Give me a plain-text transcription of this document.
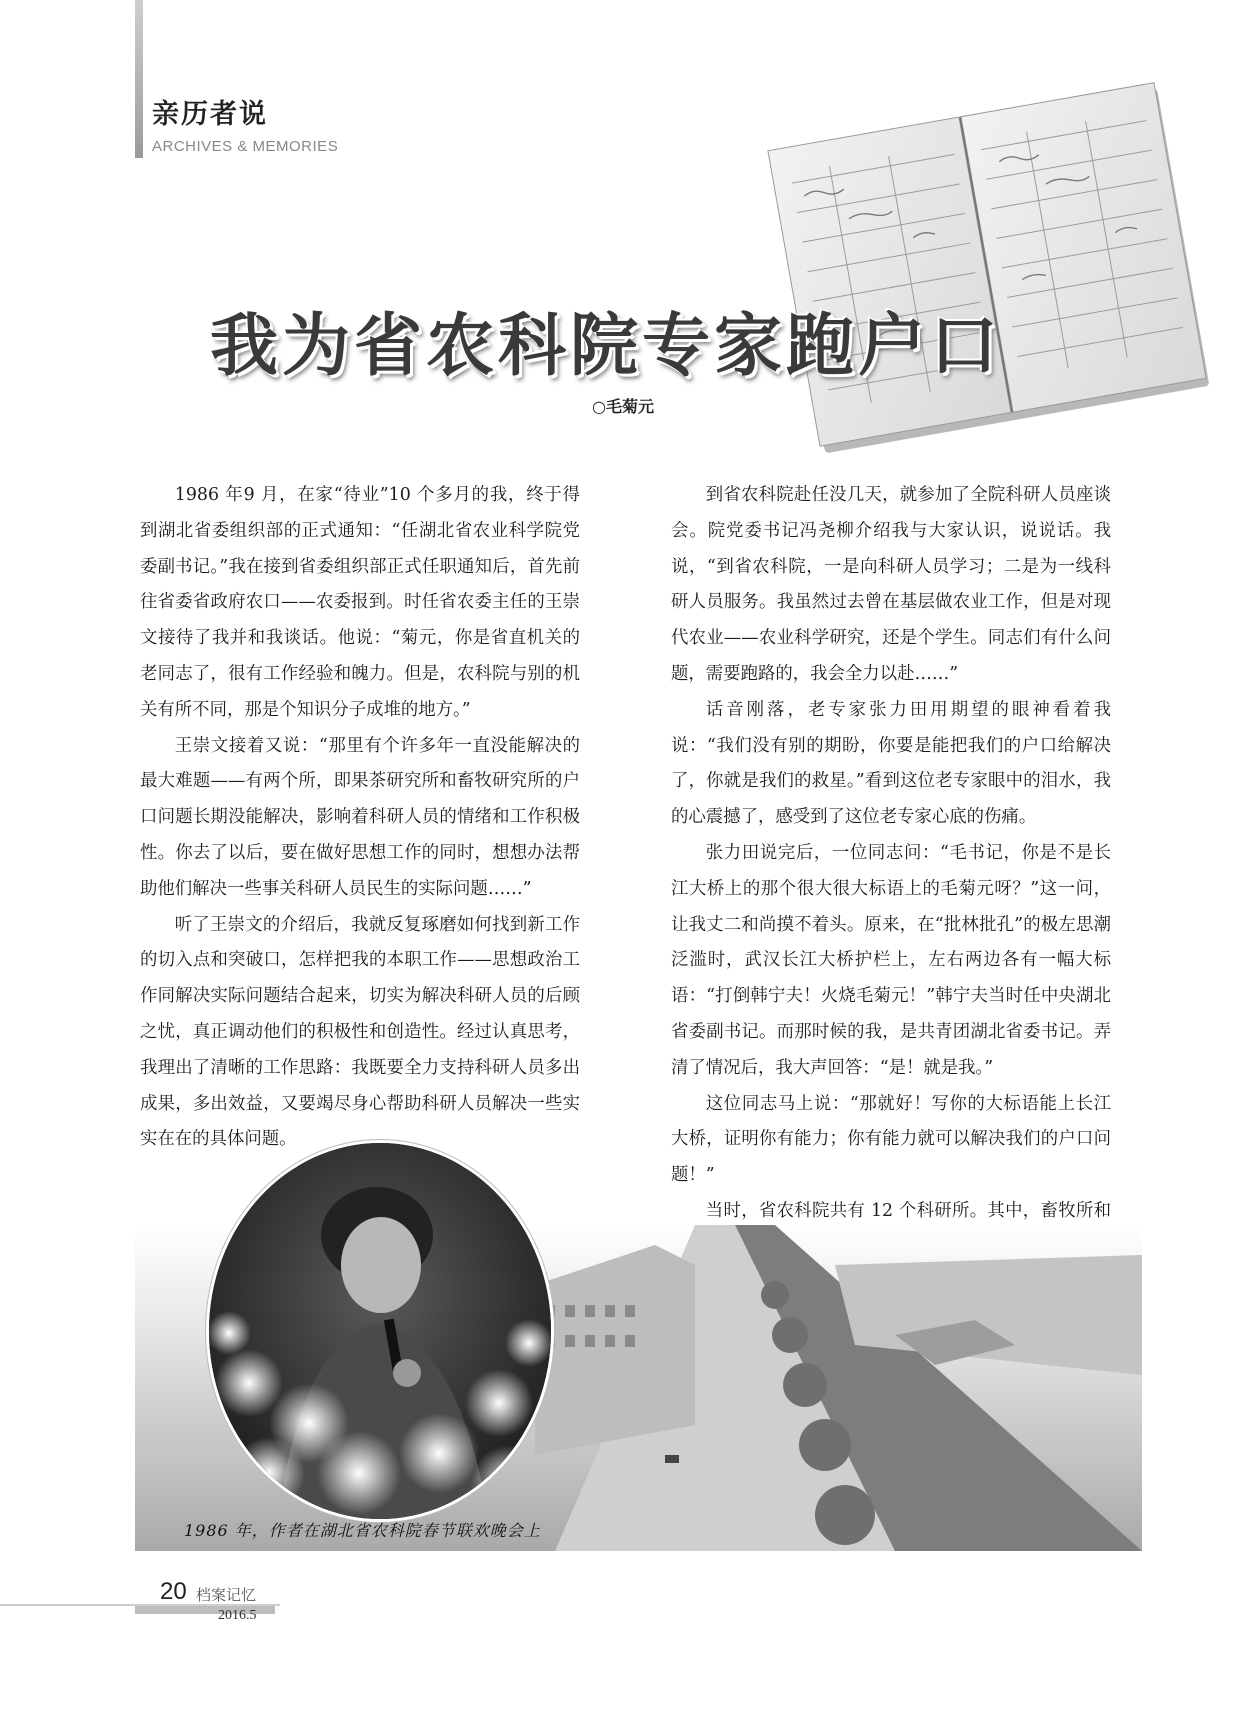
亲历者说
ARCHIVES & MEMORIES
我为省农科院专家跑户口
○毛菊元

1986 年9 月，在家“待业”10 个多月的我，终于得到湖北省委组织部的正式通知：“任湖北省农业科学院党委副书记。”我在接到省委组织部正式任职通知后，首先前往省委省政府农口——农委报到。时任省农委主任的王崇文接待了我并和我谈话。他说：“菊元，你是省直机关的老同志了，很有工作经验和魄力。但是，农科院与别的机关有所不同，那是个知识分子成堆的地方。”

王崇文接着又说：“那里有个许多年一直没能解决的最大难题——有两个所，即果茶研究所和畜牧研究所的户口问题长期没能解决，影响着科研人员的情绪和工作积极性。你去了以后，要在做好思想工作的同时，想想办法帮助他们解决一些事关科研人员民生的实际问题……”

听了王崇文的介绍后，我就反复琢磨如何找到新工作的切入点和突破口，怎样把我的本职工作——思想政治工作同解决实际问题结合起来，切实为解决科研人员的后顾之忧，真正调动他们的积极性和创造性。经过认真思考，我理出了清晰的工作思路：我既要全力支持科研人员多出成果，多出效益，又要竭尽身心帮助科研人员解决一些实实在在的具体问题。

到省农科院赴任没几天，就参加了全院科研人员座谈会。院党委书记冯尧柳介绍我与大家认识，说说话。我说，“到省农科院，一是向科研人员学习；二是为一线科研人员服务。我虽然过去曾在基层做农业工作，但是对现代农业——农业科学研究，还是个学生。同志们有什么问题，需要跑路的，我会全力以赴……”

话音刚落，老专家张力田用期望的眼神看着我说：“我们没有别的期盼，你要是能把我们的户口给解决了，你就是我们的救星。”看到这位老专家眼中的泪水，我的心震撼了，感受到了这位老专家心底的伤痛。

张力田说完后，一位同志问：“毛书记，你是不是长江大桥上的那个很大很大标语上的毛菊元呀？”这一问，让我丈二和尚摸不着头。原来，在“批林批孔”的极左思潮泛滥时，武汉长江大桥护栏上，左右两边各有一幅大标语：“打倒韩宁夫！火烧毛菊元！”韩宁夫当时任中央湖北省委副书记。而那时候的我，是共青团湖北省委书记。弄清了情况后，我大声回答：“是！就是我。”

这位同志马上说：“那就好！写你的大标语能上长江大桥，证明你有能力；你有能力就可以解决我们的户口问题！”

当时，省农科院共有 12 个科研所。其中，畜牧所和

1986 年，作者在湖北省农科院春节联欢晚会上
20 档案记忆
2016.5
